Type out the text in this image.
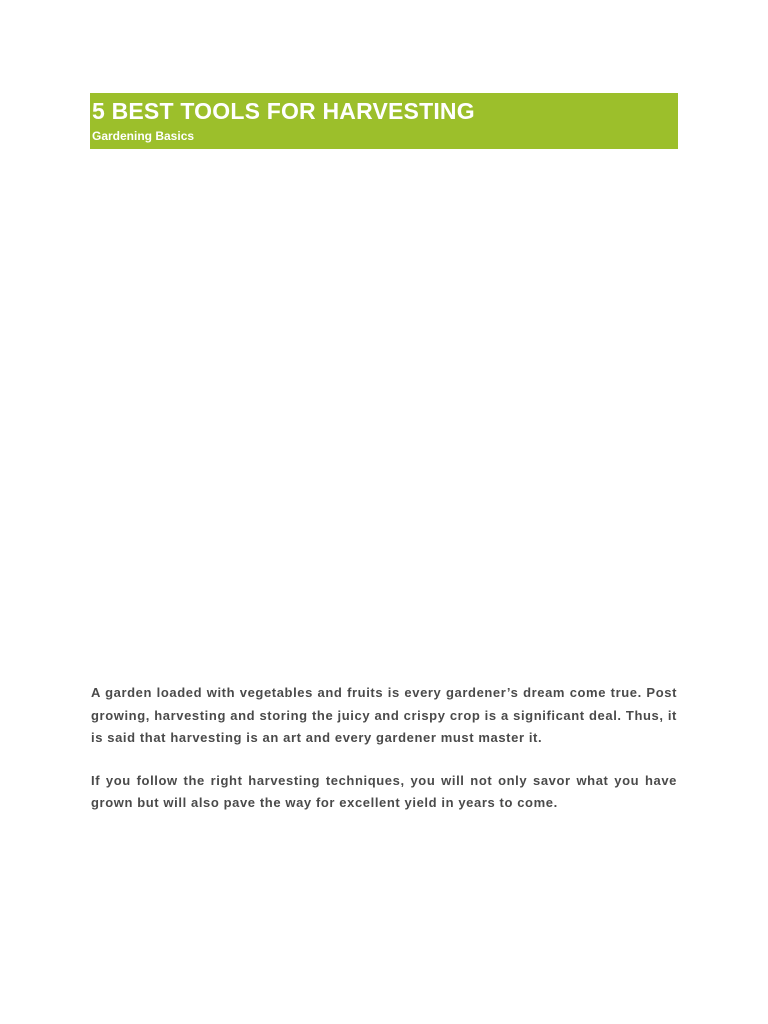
5 BEST TOOLS FOR HARVESTING
Gardening Basics

A garden loaded with vegetables and fruits is every gardener’s dream come true. Post growing, harvesting and storing the juicy and crispy crop is a significant deal. Thus, it is said that harvesting is an art and every gardener must master it.

If you follow the right harvesting techniques, you will not only savor what you have grown but will also pave the way for excellent yield in years to come.
